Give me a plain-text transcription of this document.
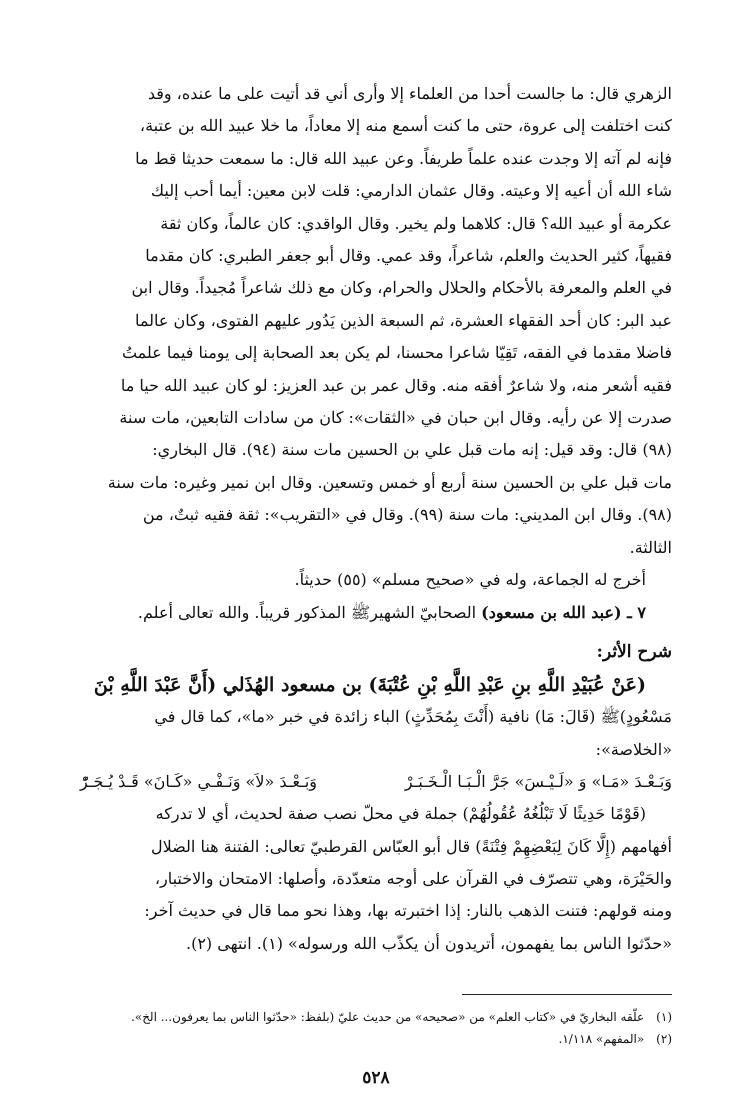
الزهري قال: ما جالست أحدا من العلماء إلا وأرى أني قد أتيت على ما عنده، وقد
كنت اختلفت إلى عروة، حتى ما كنت أسمع منه إلا معاداً، ما خلا عبيد الله بن عتبة،
فإنه لم آته إلا وجدت عنده علماً طريفاً. وعن عبيد الله قال: ما سمعت حديثا قط ما
شاء الله أن أعيه إلا وعيته. وقال عثمان الدارمي: قلت لابن معين: أيما أحب إليك
عكرمة أو عبيد الله؟ قال: كلاهما ولم يخير. وقال الواقدي: كان عالماً، وكان ثقة
فقيهاً، كثير الحديث والعلم، شاعراً، وقد عمي. وقال أبو جعفر الطبري: كان مقدما
في العلم والمعرفة بالأحكام والحلال والحرام، وكان مع ذلك شاعراً مُجيداً. وقال ابن
عبد البر: كان أحد الفقهاء العشرة، ثم السبعة الذين يَدُور عليهم الفتوى، وكان عالما
فاضلا مقدما في الفقه، تَقِيّا شاعرا محسنا، لم يكن بعد الصحابة إلى يومنا فيما علمتُ
فقيه أشعر منه، ولا شاعرٌ أفقه منه. وقال عمر بن عبد العزيز: لو كان عبيد الله حيا ما
صدرت إلا عن رأيه. وقال ابن حبان في «الثقات»: كان من سادات التابعين، مات سنة
(٩٨) قال: وقد قيل: إنه مات قبل علي بن الحسين مات سنة (٩٤). قال البخاري:
مات قبل علي بن الحسين سنة أربع أو خمس وتسعين. وقال ابن نمير وغيره: مات سنة
(٩٨). وقال ابن المديني: مات سنة (٩٩). وقال في «التقريب»: ثقة فقيه ثبتٌ، من
الثالثة.

أخرج له الجماعة، وله في «صحيح مسلم» (٥٥) حديثاً.

٧ ـ (عبد الله بن مسعود) الصحابيّ الشهيرﷺ المذكور قريباً. والله تعالى أعلم.

شرح الأثر:

(عَنْ عُبَيْدِ اللَّهِ بنِ عَبْدِ اللَّهِ بْنِ عُتْبَةَ) بن مسعود الهُذَلي (أَنَّ عَبْدَ اللَّهِ بْنَ
مَسْعُودٍ)ﷺ (قَالَ: مَا) نافية (أَنْتَ بِمُحَدِّثٍ) الباء زائدة في خبر «ما»، كما قال في
«الخلاصة»:

وَبَـعْـدَ «مَـا» وَ «لَـيْـسَ» جَرَّ الْـبَـا الْـخَـبَـرْ
وَبَـعْـدَ «لاَ» وَنَـفْـي «كَـانَ» قَـدْ يُـجَـرّْ

(قَوْمًا حَدِيثًا لَا تَبْلُغُهُ عُقُولُهُمْ) جملة في محلّ نصب صفة لحديث، أي لا تدركه
أفهامهم (إِلَّا كَانَ لِبَعْضِهِمْ فِتْنَةً) قال أبو العبّاس القرطبيّ تعالى: الفتنة هنا الضلال
والحَيْرَة، وهي تتصرّف في القرآن على أوجه متعدّدة، وأصلها: الامتحان والاختبار،
ومنه قولهم: فتنت الذهب بالنار: إذا اختبرته بها، وهذا نحو مما قال في حديث آخر:
«حدّثوا الناس بما يفهمون، أتريدون أن يكذّب الله ورسوله» (١). انتهى (٢).

(١)
علّقه البخاريّ في «كتاب العلم» من «صحيحه» من حديث عليّ (بلفظ: «حدّثوا الناس بما يعرفون... الخ».
(٢)
«المفهم» ١/١١٨.
٥٢٨
